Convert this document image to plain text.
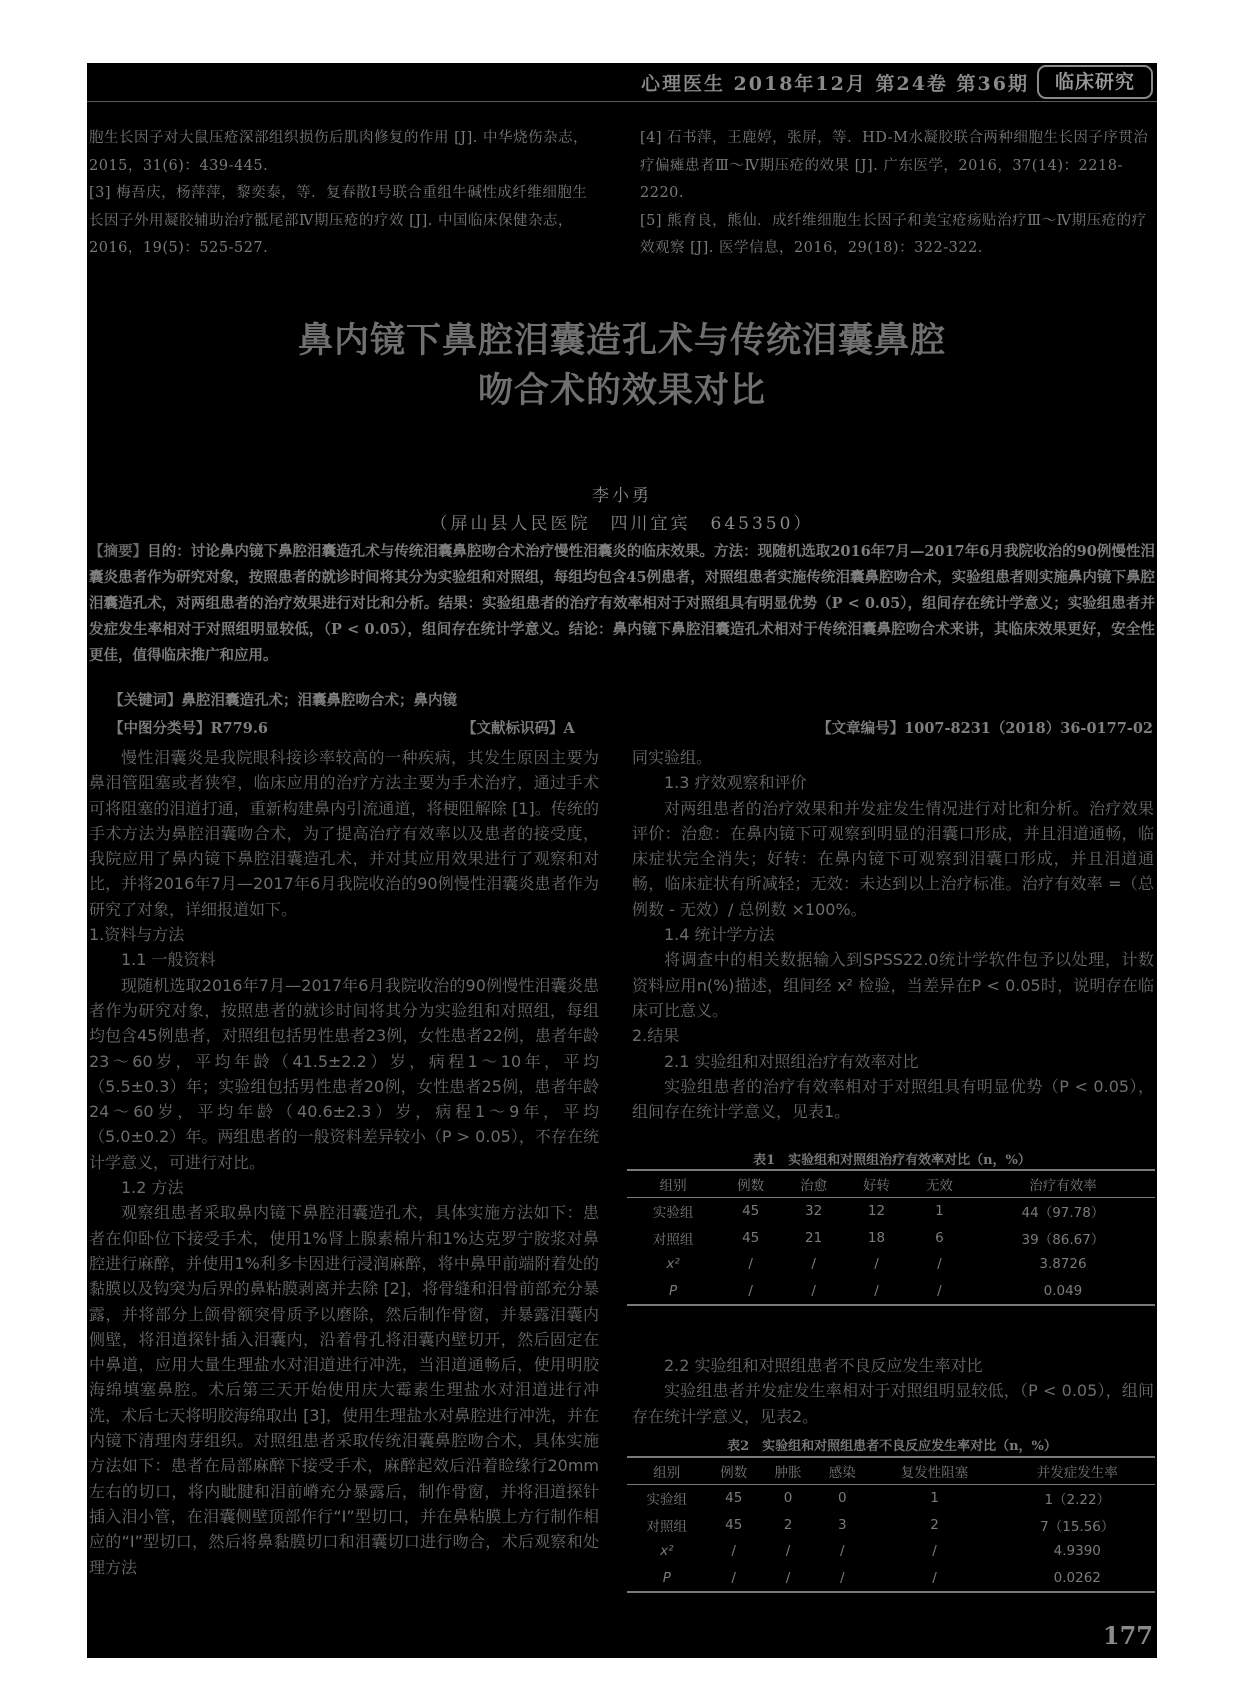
心理医生 2018年12月 第24卷 第36期	临床研究

胞生长因子对大鼠压疮深部组织损伤后肌肉修复的作用 [J]. 中华烧伤杂志，2015，31(6)：439-445.

[3] 梅吾庆，杨萍萍，黎奕泰，等．复春散Ⅰ号联合重组牛碱性成纤维细胞生长因子外用凝胶辅助治疗骶尾部Ⅳ期压疮的疗效 [J]. 中国临床保健杂志，2016，19(5)：525-527.

[4] 石书萍，王鹿婷，张屏，等．HD-M水凝胶联合两种细胞生长因子序贯治疗偏瘫患者Ⅲ～Ⅳ期压疮的效果 [J]. 广东医学，2016，37(14)：2218-2220.

[5] 熊育良，熊仙．成纤维细胞生长因子和美宝疮疡贴治疗Ⅲ～Ⅳ期压疮的疗效观察 [J]. 医学信息，2016，29(18)：322-322.

鼻内镜下鼻腔泪囊造孔术与传统泪囊鼻腔
吻合术的效果对比
李小勇
（屏山县人民医院　四川宜宾　645350）

【摘要】目的：讨论鼻内镜下鼻腔泪囊造孔术与传统泪囊鼻腔吻合术治疗慢性泪囊炎的临床效果。方法：现随机选取2016年7月—2017年6月我院收治的90例慢性泪囊炎患者作为研究对象，按照患者的就诊时间将其分为实验组和对照组，每组均包含45例患者，对照组患者实施传统泪囊鼻腔吻合术，实验组患者则实施鼻内镜下鼻腔泪囊造孔术，对两组患者的治疗效果进行对比和分析。结果：实验组患者的治疗有效率相对于对照组具有明显优势（P < 0.05），组间存在统计学意义；实验组患者并发症发生率相对于对照组明显较低，（P < 0.05），组间存在统计学意义。结论：鼻内镜下鼻腔泪囊造孔术相对于传统泪囊鼻腔吻合术来讲，其临床效果更好，安全性更佳，值得临床推广和应用。

【关键词】鼻腔泪囊造孔术；泪囊鼻腔吻合术；鼻内镜
【中图分类号】R779.6	【文献标识码】A	【文章编号】1007-8231（2018）36-0177-02

慢性泪囊炎是我院眼科接诊率较高的一种疾病，其发生原因主要为鼻泪管阻塞或者狭窄，临床应用的治疗方法主要为手术治疗，通过手术可将阻塞的泪道打通，重新构建鼻内引流通道，将梗阻解除 [1]。传统的手术方法为鼻腔泪囊吻合术，为了提高治疗有效率以及患者的接受度，我院应用了鼻内镜下鼻腔泪囊造孔术，并对其应用效果进行了观察和对比，并将2016年7月—2017年6月我院收治的90例慢性泪囊炎患者作为研究了对象，详细报道如下。

1.资料与方法

1.1 一般资料

现随机选取2016年7月—2017年6月我院收治的90例慢性泪囊炎患者作为研究对象，按照患者的就诊时间将其分为实验组和对照组，每组均包含45例患者，对照组包括男性患者23例，女性患者22例，患者年龄23～60岁，平均年龄（41.5±2.2）岁，病程1～10年，平均（5.5±0.3）年；实验组包括男性患者20例，女性患者25例，患者年龄24～60岁，平均年龄（40.6±2.3）岁，病程1～9年，平均（5.0±0.2）年。两组患者的一般资料差异较小（P > 0.05），不存在统计学意义，可进行对比。

1.2 方法

观察组患者采取鼻内镜下鼻腔泪囊造孔术，具体实施方法如下：患者在仰卧位下接受手术，使用1%肾上腺素棉片和1%达克罗宁胺浆对鼻腔进行麻醉，并使用1%利多卡因进行浸润麻醉，将中鼻甲前端附着处的黏膜以及钩突为后界的鼻粘膜剥离并去除 [2]，将骨缝和泪骨前部充分暴露，并将部分上颌骨额突骨质予以磨除，然后制作骨窗，并暴露泪囊内侧壁，将泪道探针插入泪囊内，沿着骨孔将泪囊内壁切开，然后固定在中鼻道，应用大量生理盐水对泪道进行冲洗，当泪道通畅后，使用明胶海绵填塞鼻腔。术后第三天开始使用庆大霉素生理盐水对泪道进行冲洗，术后七天将明胶海绵取出 [3]，使用生理盐水对鼻腔进行冲洗，并在内镜下清理肉芽组织。对照组患者采取传统泪囊鼻腔吻合术，具体实施方法如下：患者在局部麻醉下接受手术，麻醉起效后沿着睑缘行20mm左右的切口，将内眦腱和泪前嵴充分暴露后，制作骨窗，并将泪道探针插入泪小管，在泪囊侧壁顶部作行“I”型切口，并在鼻粘膜上方行制作相应的“I”型切口，然后将鼻黏膜切口和泪囊切口进行吻合，术后观察和处理方法

同实验组。

1.3 疗效观察和评价

对两组患者的治疗效果和并发症发生情况进行对比和分析。治疗效果评价：治愈：在鼻内镜下可观察到明显的泪囊口形成，并且泪道通畅，临床症状完全消失；好转：在鼻内镜下可观察到泪囊口形成，并且泪道通畅，临床症状有所减轻；无效：未达到以上治疗标准。治疗有效率 =（总例数 - 无效）/ 总例数 ×100%。

1.4 统计学方法

将调查中的相关数据输入到SPSS22.0统计学软件包予以处理，计数资料应用n(%)描述，组间经 x² 检验，当差异在P < 0.05时，说明存在临床可比意义。

2.结果

2.1 实验组和对照组治疗有效率对比

实验组患者的治疗有效率相对于对照组具有明显优势（P < 0.05），组间存在统计学意义，见表1。

表1　实验组和对照组治疗有效率对比（n，%）
组别	例数	治愈	好转	无效	治疗有效率
实验组	45	32	12	1	44（97.78）
对照组	45	21	18	6	39（86.67）
x²	/	/	/	/	3.8726
P	/	/	/	/	0.049

2.2 实验组和对照组患者不良反应发生率对比

实验组患者并发症发生率相对于对照组明显较低，（P < 0.05），组间存在统计学意义，见表2。

表2　实验组和对照组患者不良反应发生率对比（n，%）
组别	例数	肿胀	感染	复发性阻塞	并发症发生率
实验组	45	0	0	1	1（2.22）
对照组	45	2	3	2	7（15.56）
x²	/	/	/	/	4.9390
P	/	/	/	/	0.0262
177
